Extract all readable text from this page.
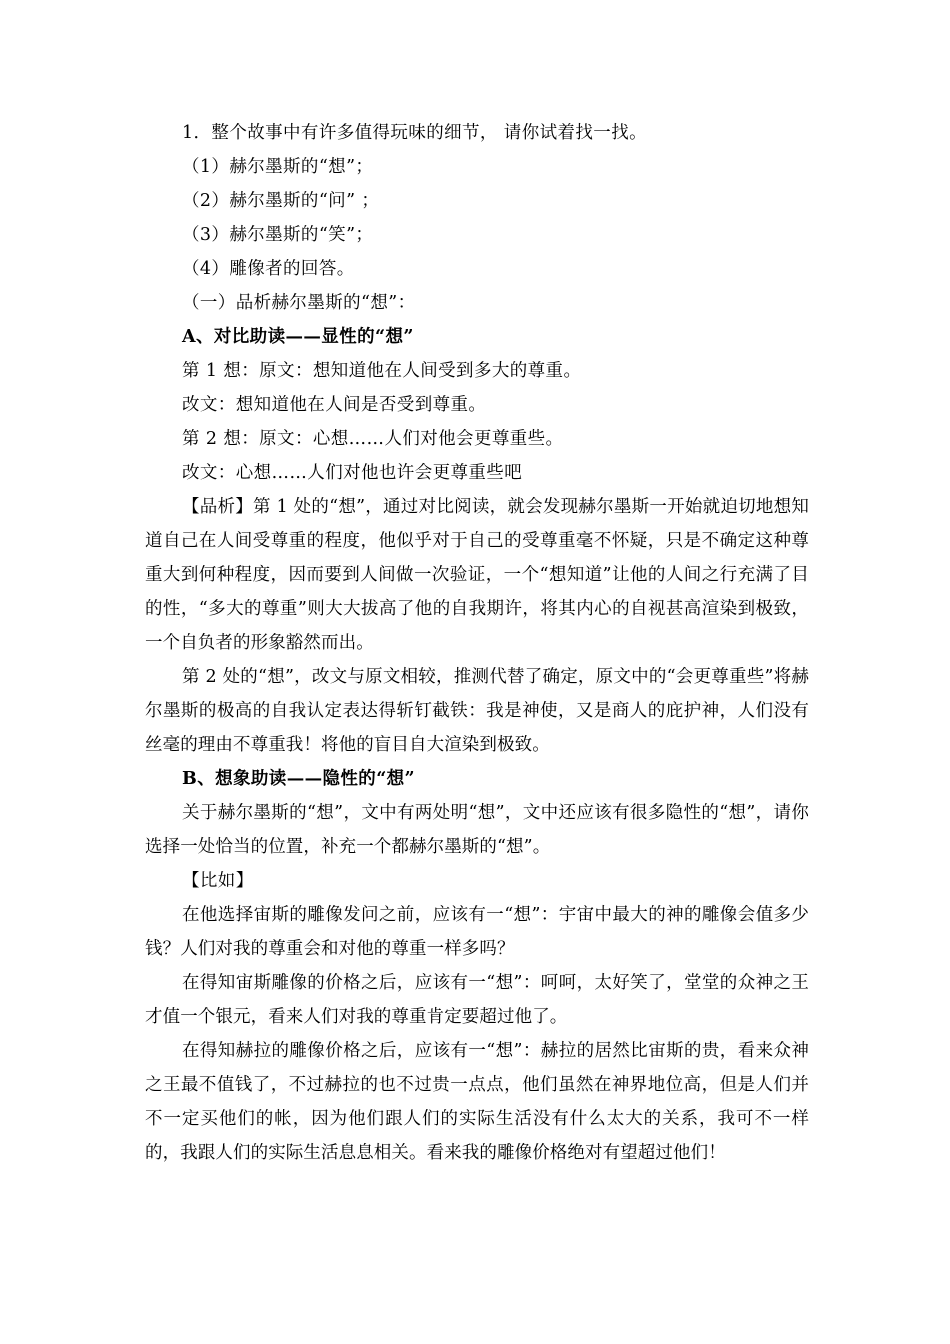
1．整个故事中有许多值得玩味的细节， 请你试着找一找。

（1）赫尔墨斯的“想”；

（2）赫尔墨斯的“问” ；

（3）赫尔墨斯的“笑”；

（4）雕像者的回答。

（一）品析赫尔墨斯的“想”：

A、对比助读——显性的“想”

第 1 想：原文：想知道他在人间受到多大的尊重。

改文：想知道他在人间是否受到尊重。

第 2 想：原文：心想……人们对他会更尊重些。

改文：心想……人们对他也许会更尊重些吧

【品析】第 1 处的“想”，通过对比阅读，就会发现赫尔墨斯一开始就迫切地想知道自己在人间受尊重的程度，他似乎对于自己的受尊重毫不怀疑，只是不确定这种尊重大到何种程度，因而要到人间做一次验证，一个“想知道”让他的人间之行充满了目的性，“多大的尊重”则大大拔高了他的自我期许，将其内心的自视甚高渲染到极致，一个自负者的形象豁然而出。

第 2 处的“想”，改文与原文相较，推测代替了确定，原文中的“会更尊重些”将赫尔墨斯的极高的自我认定表达得斩钉截铁：我是神使，又是商人的庇护神，人们没有丝毫的理由不尊重我！将他的盲目自大渲染到极致。

B、想象助读——隐性的“想”

关于赫尔墨斯的“想”，文中有两处明“想”，文中还应该有很多隐性的“想”，请你选择一处恰当的位置，补充一个都赫尔墨斯的“想”。

【比如】

在他选择宙斯的雕像发问之前，应该有一“想”：宇宙中最大的神的雕像会值多少钱？人们对我的尊重会和对他的尊重一样多吗？

在得知宙斯雕像的价格之后，应该有一“想”：呵呵，太好笑了，堂堂的众神之王才值一个银元，看来人们对我的尊重肯定要超过他了。

在得知赫拉的雕像价格之后，应该有一“想”：赫拉的居然比宙斯的贵，看来众神之王最不值钱了，不过赫拉的也不过贵一点点，他们虽然在神界地位高，但是人们并不一定买他们的帐，因为他们跟人们的实际生活没有什么太大的关系，我可不一样的，我跟人们的实际生活息息相关。看来我的雕像价格绝对有望超过他们！
